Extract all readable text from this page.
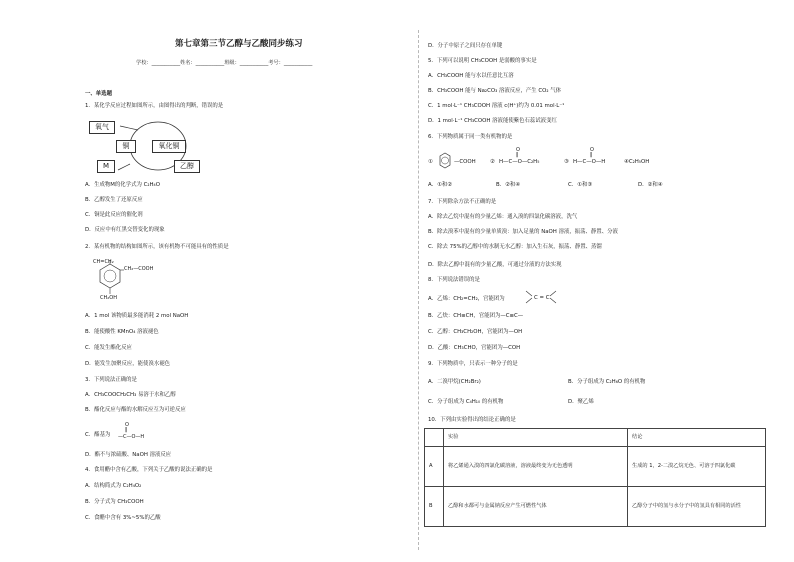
第七章第三节乙醇与乙酸同步练习
学校：___________姓名：___________班级：___________考号：___________
一、单选题
1．某化学反应过程如图所示，由图得出的判断，错误的是
氧气
铜	氧化铜
M	乙醇
A．生成物M的化学式为 C₂H₄O
B．乙醇发生了还原反应
C．铜是此反应的催化剂
D．反应中有红黑交替变化的现象
2．某有机物的结构如图所示，该有机物不可能具有的性质是
CH=CH₂
CH₂—COOH
CH₂OH
A．1 mol 该物质最多能消耗 2 mol NaOH
B．能使酸性 KMnO₄ 溶液褪色
C．能发生酯化反应
D．能发生加聚反应，能使溴水褪色
3．下列说法正确的是
A．CH₃COOCH₂CH₃ 易溶于水和乙醇
B．酯化反应与酯的水解反应互为可逆反应
C．酯基为
O
‖
—C—O—H
D．酯不与浓硫酸、NaOH 溶液反应
4．食用醋中含有乙酸，下列关于乙酸的说法正确的是
A．结构简式为 C₂H₄O₂
B．分子式为 CH₃COOH
C．食醋中含有 3%~5%的乙酸
D．分子中原子之间只存在单键
5．下列可以说明 CH₃COOH 是弱酸的事实是
A．CH₃COOH 能与水以任意比互溶
B．CH₃COOH 能与 Na₂CO₃ 溶液反应，产生 CO₂ 气体
C．1 mol·L⁻¹ CH₃COOH 溶液 c(H⁺)约为 0.01 mol·L⁻¹
D．1 mol·L⁻¹ CH₃COOH 溶液能使紫色石蕊试液变红
6．下列物质属于同一类有机物的是
①	—COOH	②
O
‖
H—C—O—C₂H₅	③
O
‖
H—C—O—H	④C₂H₅OH
A．①和②	B．②和④	C．①和③	D．②和④
7．下列除杂方法不正确的是
A．除去乙烷中混有的少量乙烯：通入溴的四氯化碳溶液，洗气
B．除去溴苯中混有的少量单质溴：加入足量的 NaOH 溶液，振荡、静置、分液
C．除去 75%的乙醇中的水制无水乙醇：加入生石灰，振荡、静置、蒸馏
D．除去乙醇中混有的少量乙酸，可通过分液的方法实现
8．下列说法错误的是
A．乙烯：CH₂=CH₂，官能团为	C = C
B．乙炔：CH≡CH，官能团为—C≡C—
C．乙醇：CH₃CH₂OH，官能团为—OH
D．乙酸：CH₃CHO，官能团为—COH
9．下列物质中，只表示一种分子的是
A．二溴甲烷(CH₂Br₂)	B．分子组成为 C₂H₆O 的有机物
C．分子组成为 C₄H₁₀ 的有机物	D．聚乙烯
10．下列由实验得出的结论正确的是
	实验	结论
A	将乙烯通入溴的四氯化碳溶液，溶液最终变为无色透明	生成的 1，2-二溴乙烷无色、可溶于四氯化碳
B	乙醇和水都可与金属钠反应产生可燃性气体	乙醇分子中的氢与水分子中的氢具有相同的活性
